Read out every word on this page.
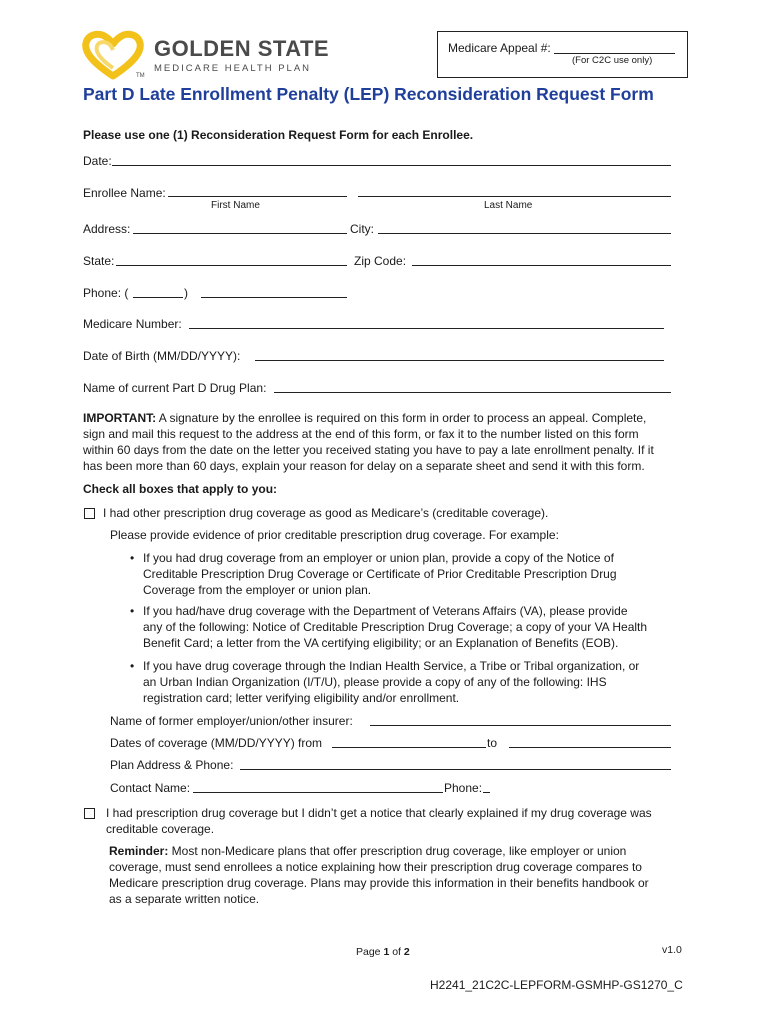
GOLDEN STATE
MEDICARE HEALTH PLAN
TM
Medicare Appeal #:
(For C2C use only)
Part D Late Enrollment Penalty (LEP) Reconsideration Request Form
Please use one (1) Reconsideration Request Form for each Enrollee.
Date:
Enrollee Name:
First Name	Last Name
Address:	City:
State:	Zip Code:
Phone: (	)
Medicare Number:
Date of Birth (MM/DD/YYYY):
Name of current Part D Drug Plan:
IMPORTANT: A signature by the enrollee is required on this form in order to process an appeal. Complete,
sign and mail this request to the address at the end of this form, or fax it to the number listed on this form
within 60 days from the date on the letter you received stating you have to pay a late enrollment penalty. If it
has been more than 60 days, explain your reason for delay on a separate sheet and send it with this form.
Check all boxes that apply to you:
I had other prescription drug coverage as good as Medicare’s (creditable coverage).
Please provide evidence of prior creditable prescription drug coverage. For example:
• If you had drug coverage from an employer or union plan, provide a copy of the Notice of
Creditable Prescription Drug Coverage or Certificate of Prior Creditable Prescription Drug
Coverage from the employer or union plan.
• If you had/have drug coverage with the Department of Veterans Affairs (VA), please provide
any of the following: Notice of Creditable Prescription Drug Coverage; a copy of your VA Health
Benefit Card; a letter from the VA certifying eligibility; or an Explanation of Benefits (EOB).
• If you have drug coverage through the Indian Health Service, a Tribe or Tribal organization, or
an Urban Indian Organization (I/T/U), please provide a copy of any of the following: IHS
registration card; letter verifying eligibility and/or enrollment.
Name of former employer/union/other insurer:
Dates of coverage (MM/DD/YYYY) from	to
Plan Address & Phone:
Contact Name:	Phone:
I had prescription drug coverage but I didn’t get a notice that clearly explained if my drug coverage was
creditable coverage.
Reminder: Most non-Medicare plans that offer prescription drug coverage, like employer or union
coverage, must send enrollees a notice explaining how their prescription drug coverage compares to
Medicare prescription drug coverage. Plans may provide this information in their benefits handbook or
as a separate written notice.
Page 1 of 2	v1.0
H2241_21C2C-LEPFORM-GSMHP-GS1270_C
